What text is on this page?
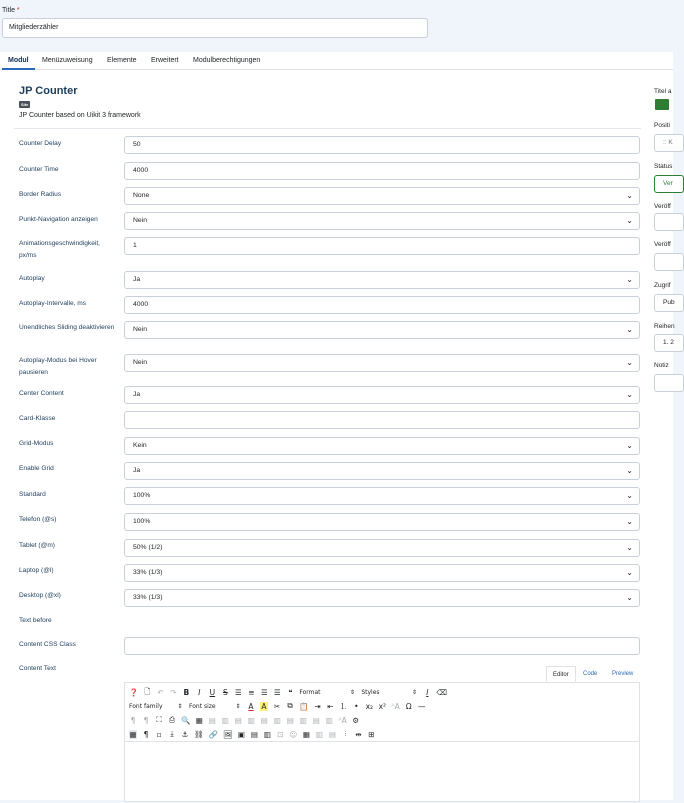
Title *
Mitgliederzähler
Modul	Menüzuweisung	Elemente	Erweitert	Modulberechtigungen
JP Counter
Site
JP Counter based on Uikit 3 framework
Counter Delay	50
Counter Time	4000
Border Radius	None	⌄
Punkt-Navigation anzeigen	Nein	⌄
Animationsgeschwindigkeit, px/ms
1
Autoplay	Ja	⌄
Autoplay-Intervalle, ms	4000
Unendliches Sliding deaktivieren	Nein	⌄
Autoplay-Modus bei Hover pausieren
Nein	⌄
Center Content	Ja	⌄
Card-Klasse
Grid-Modus	Kein	⌄
Enable Grid	Ja	⌄
Standard	100%	⌄
Telefon (@s)	100%	⌄
Tablet (@m)	50% (1/2)	⌄
Laptop (@l)	33% (1/3)	⌄
Desktop (@xl)	33% (1/3)	⌄
Text before
Content CSS Class
Content Text
Editor	Code	Preview
❓ 🗋 ↶ ↷ B	I	U S ☰ ≡ ☰ ☰ ❝	Format	⇕ Styles	⇕	I	⌫
Font family	⇕ Font size	⇕ A A ✂ ⧉ 📋 ⇥ ⇤ ⒈ • x₂ x² ᴬA Ω —
¶ ¶ ⛶ ⎙ 🔍 ▦ ▤ ▥ ▤ ▥ ▤ ▥ ▤ ▥ ▤ ▥ ᴬA ⚙
▦ ¶ ▫	⤓	⚓ ⛓ 🔗 🖼 ▣ ▤ ▥ ⊡ ☺ ▦ ▥ ▤	⫶	⇹ ⊞
Titel a
Positi
:: K
Status
Ver
Veröff
Veröff
Zugrif
Pub
Reihen
1. 2
Notiz
